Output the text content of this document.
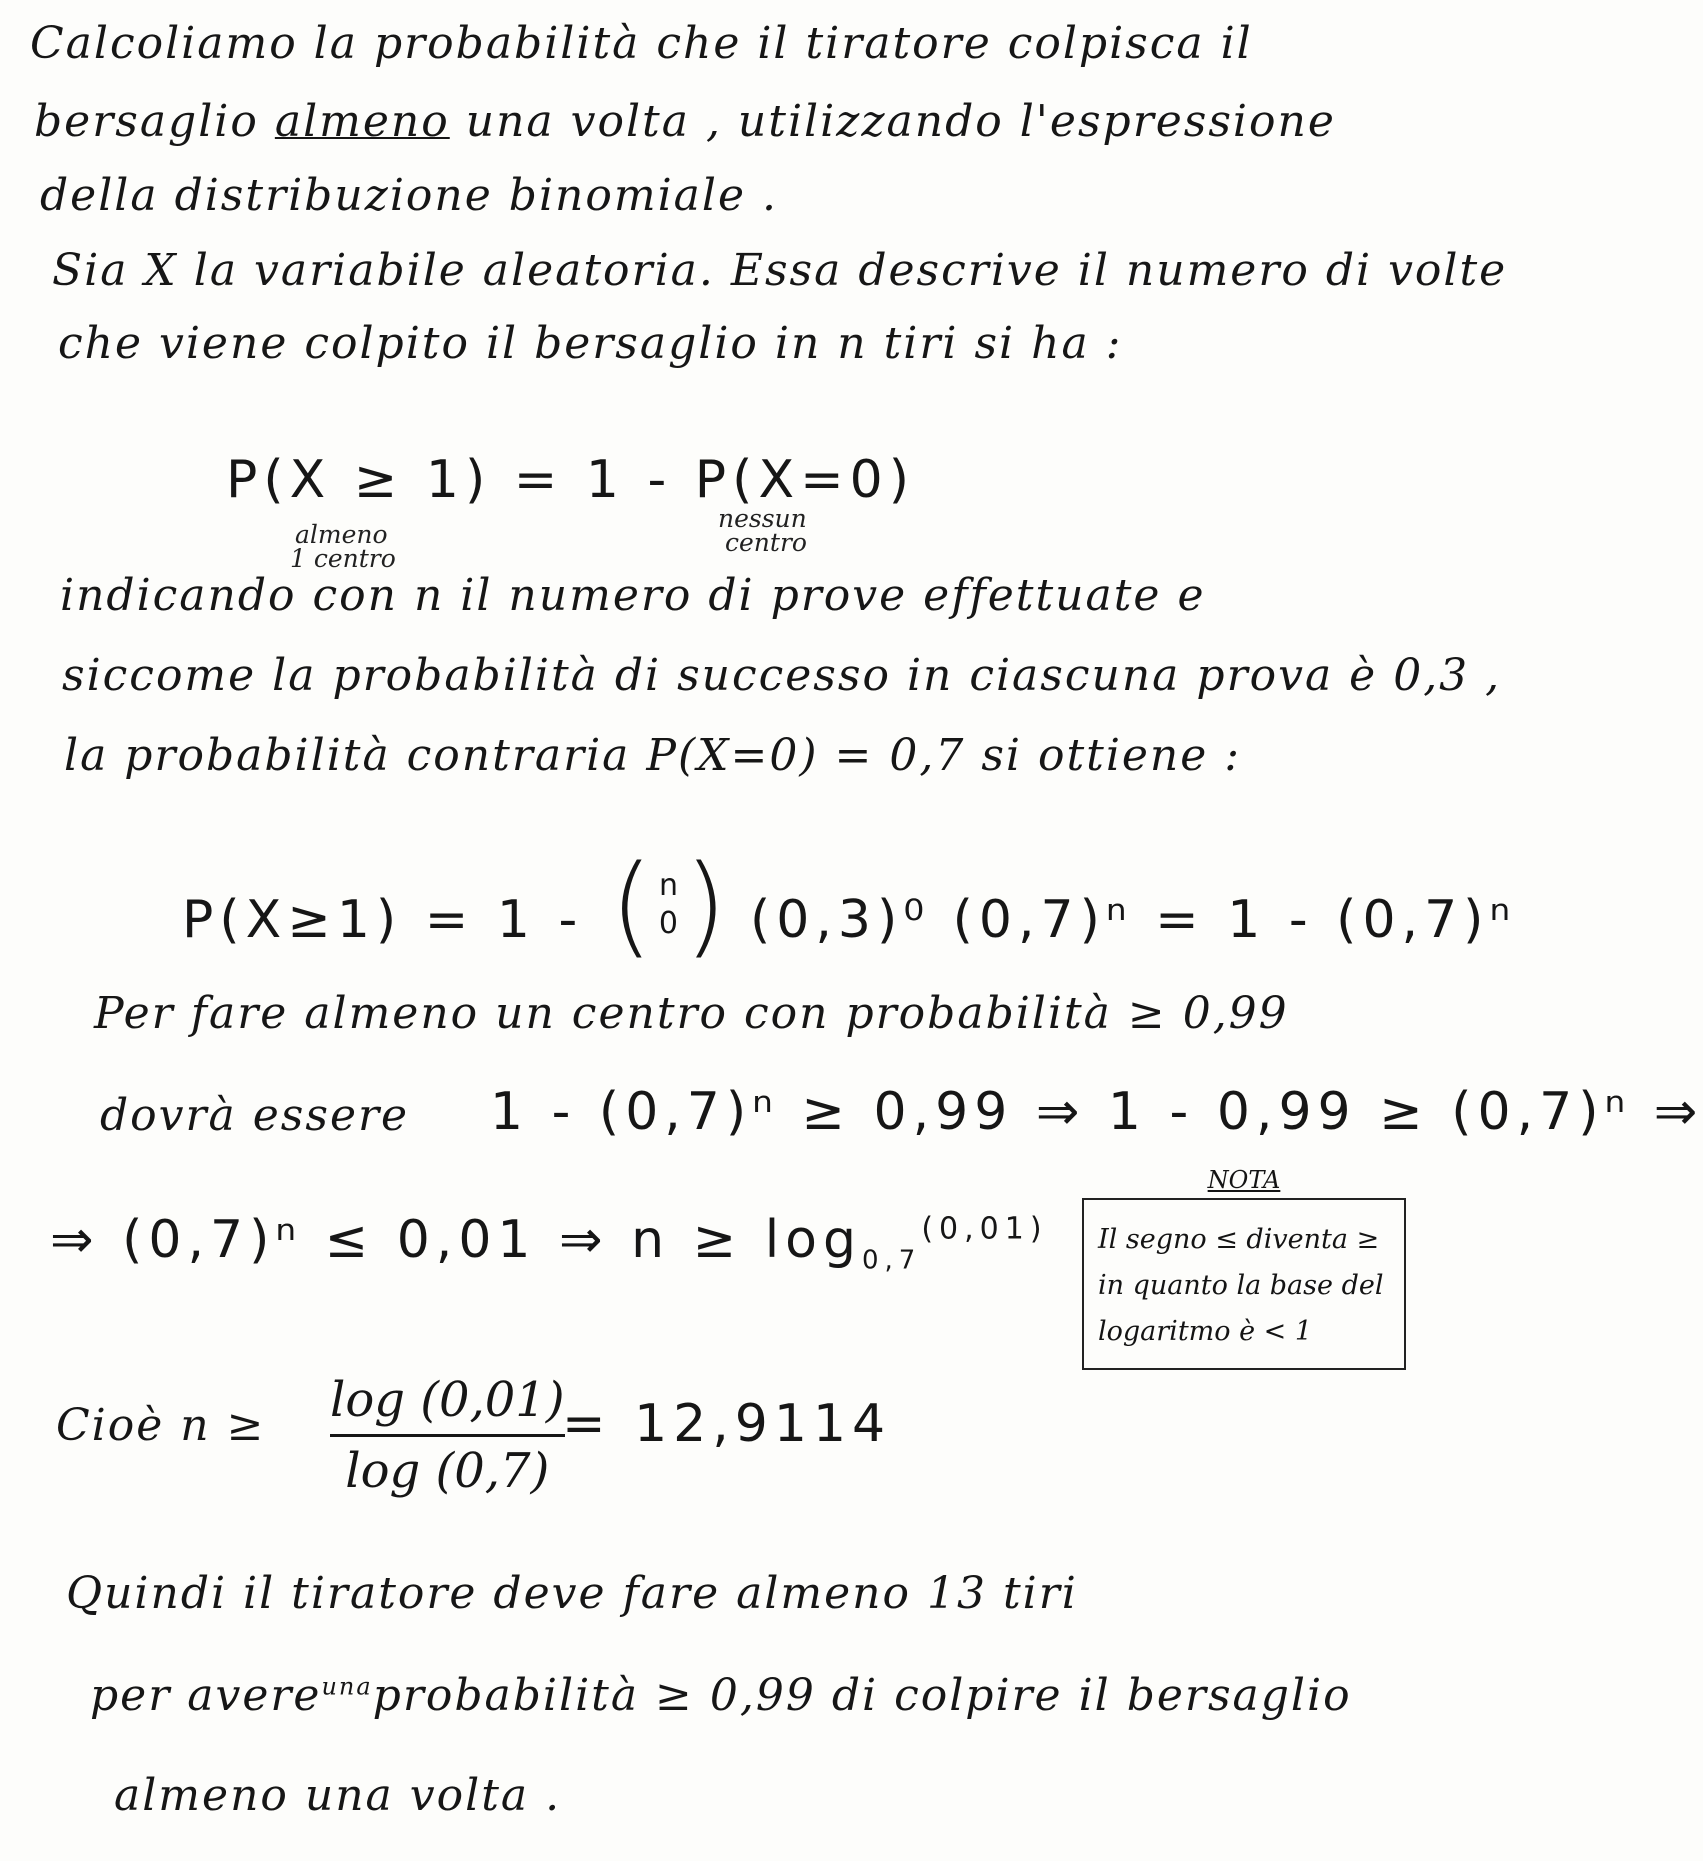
Calcoliamo la probabilità che il tiratore colpisca il
bersaglio almeno una volta , utilizzando l'espressione
della distribuzione binomiale .
Sia X la variabile aleatoria. Essa descrive il numero di volte
che viene colpito il bersaglio in n tiri si ha :
P(X ≥ 1) = 1 - P(X=0)
almeno
1 centro
nessun
centro
indicando con n il numero di prove effettuate e
siccome la probabilità di successo in ciascuna prova è 0,3 ,
la probabilità contraria P(X=0) = 0,7 si ottiene :
P(X≥1) = 1 - ( n
0 ) (0,3)⁰ (0,7)ⁿ = 1 - (0,7)ⁿ
Per fare almeno un centro con probabilità ≥ 0,99
dovrà essere 1 - (0,7)ⁿ ≥ 0,99 ⇒ 1 - 0,99 ≥ (0,7)ⁿ ⇒
⇒ (0,7)ⁿ ≤ 0,01 ⇒ $n \ge \log_{0,7}^{(0,01)}$
NOTA
Il segno ≤ diventa ≥
in quanto la base del
logaritmo è < 1
Cioè n ≥ log (0,01)
log (0,7)
= 12,9114
Quindi il tiratore deve fare almeno 13 tiri
per avere$^{una}$probabilità ≥ 0,99 di colpire il bersaglio
almeno una volta .
